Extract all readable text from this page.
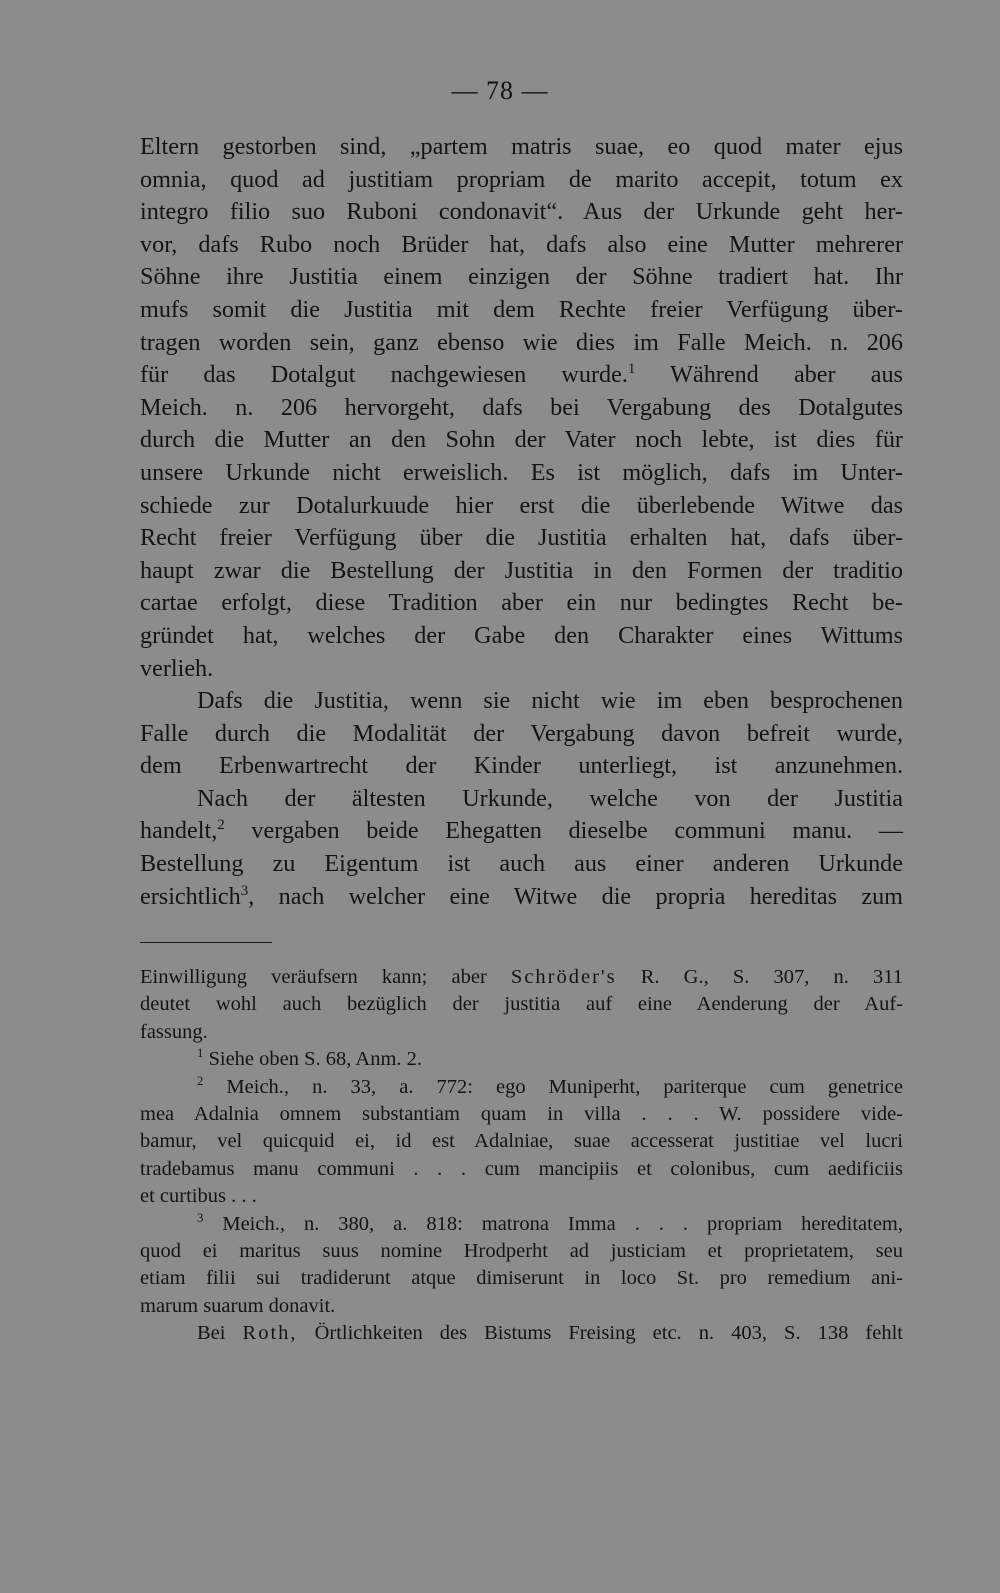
— 78 —
Eltern gestorben sind, „partem matris suae, eo quod mater ejus
omnia, quod ad justitiam propriam de marito accepit, totum ex
integro filio suo Ruboni condonavit“. Aus der Urkunde geht her-
vor, dafs Rubo noch Brüder hat, dafs also eine Mutter mehrerer
Söhne ihre Justitia einem einzigen der Söhne tradiert hat. Ihr
mufs somit die Justitia mit dem Rechte freier Verfügung über-
tragen worden sein, ganz ebenso wie dies im Falle Meich. n. 206
für das Dotalgut nachgewiesen wurde.$^1$ Während aber aus
Meich. n. 206 hervorgeht, dafs bei Vergabung des Dotalgutes
durch die Mutter an den Sohn der Vater noch lebte, ist dies für
unsere Urkunde nicht erweislich. Es ist möglich, dafs im Unter-
schiede zur Dotalurkuude hier erst die überlebende Witwe das
Recht freier Verfügung über die Justitia erhalten hat, dafs über-
haupt zwar die Bestellung der Justitia in den Formen der traditio
cartae erfolgt, diese Tradition aber ein nur bedingtes Recht be-
gründet hat, welches der Gabe den Charakter eines Wittums
verlieh.
Dafs die Justitia, wenn sie nicht wie im eben besprochenen
Falle durch die Modalität der Vergabung davon befreit wurde,
dem Erbenwartrecht der Kinder unterliegt, ist anzunehmen.
Nach der ältesten Urkunde, welche von der Justitia
handelt,$^2$ vergaben beide Ehegatten dieselbe communi manu. —
Bestellung zu Eigentum ist auch aus einer anderen Urkunde
ersichtlich$^3$, nach welcher eine Witwe die propria hereditas zum
Einwilligung veräufsern kann; aber Schröder's R. G., S. 307, n. 311
deutet wohl auch bezüglich der justitia auf eine Aenderung der Auf-
fassung.
$^1$ Siehe oben S. 68, Anm. 2.
$^2$ Meich., n. 33, a. 772: ego Muniperht, pariterque cum genetrice
mea Adalnia omnem substantiam quam in villa . . . W. possidere vide-
bamur, vel quicquid ei, id est Adalniae, suae accesserat justitiae vel lucri
tradebamus manu communi . . . cum mancipiis et colonibus, cum aedificiis
et curtibus . . .
$^3$ Meich., n. 380, a. 818: matrona Imma . . . propriam hereditatem,
quod ei maritus suus nomine Hrodperht ad justiciam et proprietatem, seu
etiam filii sui tradiderunt atque dimiserunt in loco St. pro remedium ani-
marum suarum donavit.
Bei Roth, Örtlichkeiten des Bistums Freising etc. n. 403, S. 138 fehlt
